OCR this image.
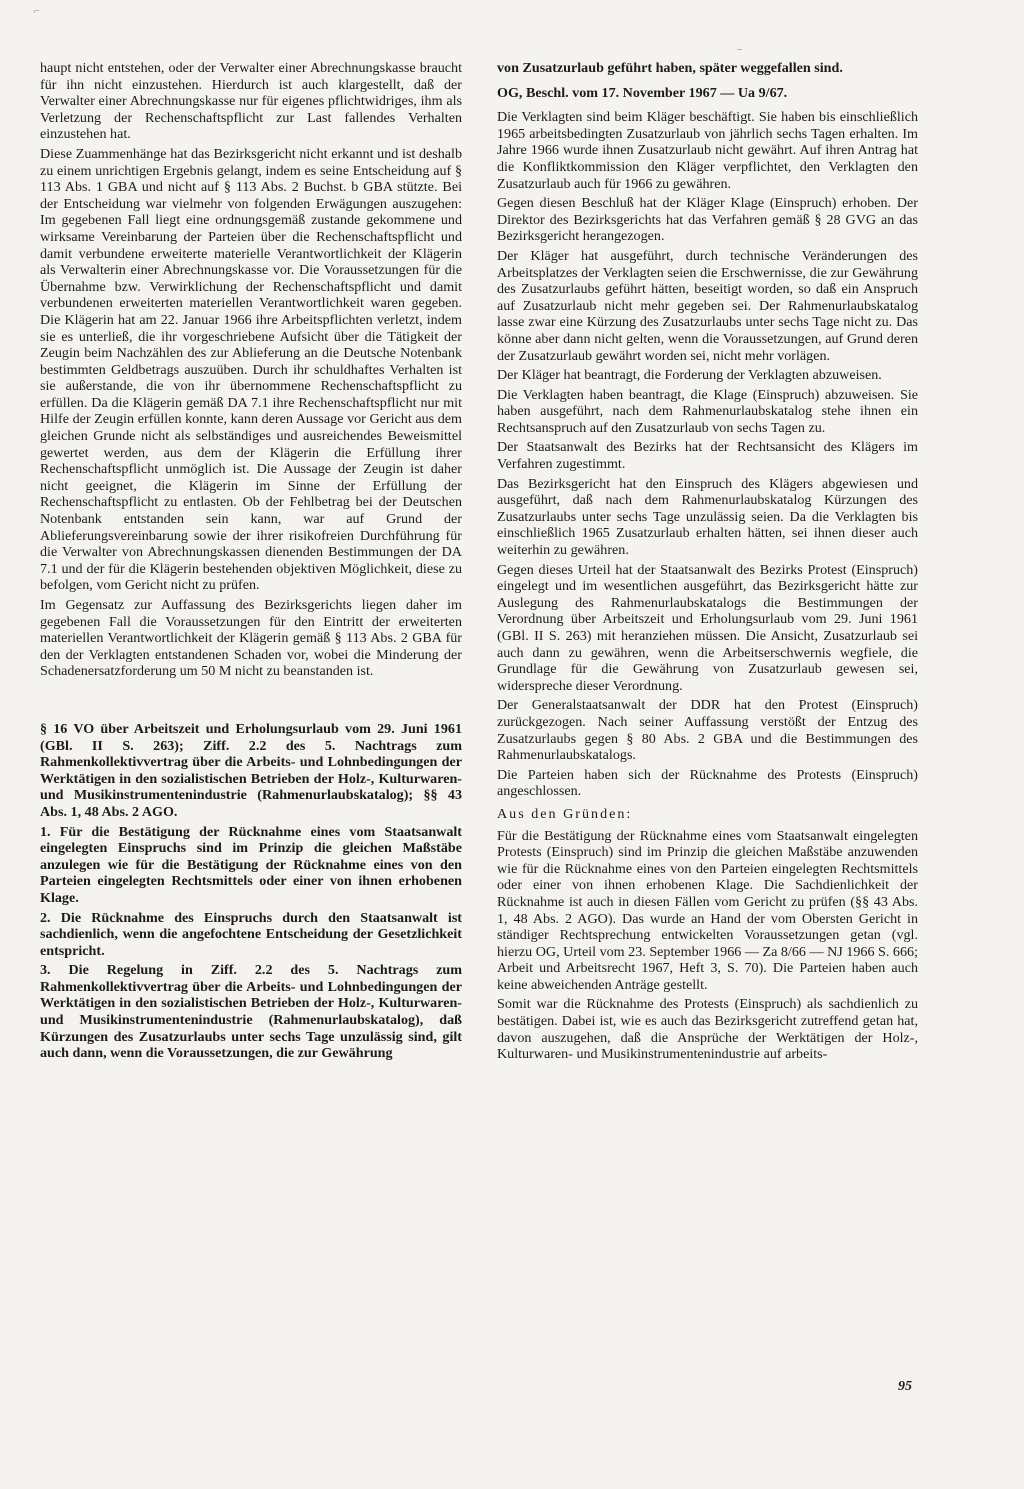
haupt nicht entstehen, oder der Verwalter einer Abrechnungskasse braucht für ihn nicht einzustehen. Hierdurch ist auch klargestellt, daß der Verwalter einer Abrechnungskasse nur für eigenes pflichtwidriges, ihm als Verletzung der Rechenschaftspflicht zur Last fallendes Verhalten einzustehen hat.

Diese Zuammenhänge hat das Bezirksgericht nicht erkannt und ist deshalb zu einem unrichtigen Ergebnis gelangt, indem es seine Entscheidung auf § 113 Abs. 1 GBA und nicht auf § 113 Abs. 2 Buchst. b GBA stützte. Bei der Entscheidung war vielmehr von folgenden Erwägungen auszugehen: Im gegebenen Fall liegt eine ordnungsgemäß zustande gekommene und wirksame Vereinbarung der Parteien über die Rechenschaftspflicht und damit verbundene erweiterte materielle Verantwortlichkeit der Klägerin als Verwalterin einer Abrechnungskasse vor. Die Voraussetzungen für die Übernahme bzw. Verwirklichung der Rechenschaftspflicht und damit verbundenen erweiterten materiellen Verantwortlichkeit waren gegeben. Die Klägerin hat am 22. Januar 1966 ihre Arbeitspflichten verletzt, indem sie es unterließ, die ihr vorgeschriebene Aufsicht über die Tätigkeit der Zeugin beim Nachzählen des zur Ablieferung an die Deutsche Notenbank bestimmten Geldbetrags auszuüben. Durch ihr schuldhaftes Verhalten ist sie außerstande, die von ihr übernommene Rechenschaftspflicht zu erfüllen. Da die Klägerin gemäß DA 7.1 ihre Rechenschaftspflicht nur mit Hilfe der Zeugin erfüllen konnte, kann deren Aussage vor Gericht aus dem gleichen Grunde nicht als selbständiges und ausreichendes Beweismittel gewertet werden, aus dem der Klägerin die Erfüllung ihrer Rechenschaftspflicht unmöglich ist. Die Aussage der Zeugin ist daher nicht geeignet, die Klägerin im Sinne der Erfüllung der Rechenschaftspflicht zu entlasten. Ob der Fehlbetrag bei der Deutschen Notenbank entstanden sein kann, war auf Grund der Ablieferungsvereinbarung sowie der ihrer risikofreien Durchführung für die Verwalter von Abrechnungskassen dienenden Bestimmungen der DA 7.1 und der für die Klägerin bestehenden objektiven Möglichkeit, diese zu befolgen, vom Gericht nicht zu prüfen.

Im Gegensatz zur Auffassung des Bezirksgerichts liegen daher im gegebenen Fall die Voraussetzungen für den Eintritt der erweiterten materiellen Verantwortlichkeit der Klägerin gemäß § 113 Abs. 2 GBA für den der Verklagten entstandenen Schaden vor, wobei die Minderung der Schadenersatzforderung um 50 M nicht zu beanstanden ist.

§ 16 VO über Arbeitszeit und Erholungsurlaub vom 29. Juni 1961 (GBl. II S. 263); Ziff. 2.2 des 5. Nachtrags zum Rahmenkollektivvertrag über die Arbeits- und Lohnbedingungen der Werktätigen in den sozialistischen Betrieben der Holz-, Kulturwaren- und Musikinstrumentenindustrie (Rahmenurlaubskatalog); §§ 43 Abs. 1, 48 Abs. 2 AGO.

1. Für die Bestätigung der Rücknahme eines vom Staatsanwalt eingelegten Einspruchs sind im Prinzip die gleichen Maßstäbe anzulegen wie für die Bestätigung der Rücknahme eines von den Parteien eingelegten Rechtsmittels oder einer von ihnen erhobenen Klage.

2. Die Rücknahme des Einspruchs durch den Staatsanwalt ist sachdienlich, wenn die angefochtene Entscheidung der Gesetzlichkeit entspricht.

3. Die Regelung in Ziff. 2.2 des 5. Nachtrags zum Rahmenkollektivvertrag über die Arbeits- und Lohnbedingungen der Werktätigen in den sozialistischen Betrieben der Holz-, Kulturwaren- und Musikinstrumentenindustrie (Rahmenurlaubskatalog), daß Kürzungen des Zusatzurlaubs unter sechs Tage unzulässig sind, gilt auch dann, wenn die Voraussetzungen, die zur Gewährung

von Zusatzurlaub geführt haben, später weggefallen sind.

OG, Beschl. vom 17. November 1967 — Ua 9/67.

Die Verklagten sind beim Kläger beschäftigt. Sie haben bis einschließlich 1965 arbeitsbedingten Zusatzurlaub von jährlich sechs Tagen erhalten. Im Jahre 1966 wurde ihnen Zusatzurlaub nicht gewährt. Auf ihren Antrag hat die Konfliktkommission den Kläger verpflichtet, den Verklagten den Zusatzurlaub auch für 1966 zu gewähren.

Gegen diesen Beschluß hat der Kläger Klage (Einspruch) erhoben. Der Direktor des Bezirksgerichts hat das Verfahren gemäß § 28 GVG an das Bezirksgericht herangezogen.

Der Kläger hat ausgeführt, durch technische Veränderungen des Arbeitsplatzes der Verklagten seien die Erschwernisse, die zur Gewährung des Zusatzurlaubs geführt hätten, beseitigt worden, so daß ein Anspruch auf Zusatzurlaub nicht mehr gegeben sei. Der Rahmenurlaubskatalog lasse zwar eine Kürzung des Zusatzurlaubs unter sechs Tage nicht zu. Das könne aber dann nicht gelten, wenn die Voraussetzungen, auf Grund deren der Zusatzurlaub gewährt worden sei, nicht mehr vorlägen.

Der Kläger hat beantragt, die Forderung der Verklagten abzuweisen.

Die Verklagten haben beantragt, die Klage (Einspruch) abzuweisen. Sie haben ausgeführt, nach dem Rahmenurlaubskatalog stehe ihnen ein Rechtsanspruch auf den Zusatzurlaub von sechs Tagen zu.

Der Staatsanwalt des Bezirks hat der Rechtsansicht des Klägers im Verfahren zugestimmt.

Das Bezirksgericht hat den Einspruch des Klägers abgewiesen und ausgeführt, daß nach dem Rahmenurlaubskatalog Kürzungen des Zusatzurlaubs unter sechs Tage unzulässig seien. Da die Verklagten bis einschließlich 1965 Zusatzurlaub erhalten hätten, sei ihnen dieser auch weiterhin zu gewähren.

Gegen dieses Urteil hat der Staatsanwalt des Bezirks Protest (Einspruch) eingelegt und im wesentlichen ausgeführt, das Bezirksgericht hätte zur Auslegung des Rahmenurlaubskatalogs die Bestimmungen der Verordnung über Arbeitszeit und Erholungsurlaub vom 29. Juni 1961 (GBl. II S. 263) mit heranziehen müssen. Die Ansicht, Zusatzurlaub sei auch dann zu gewähren, wenn die Arbeitserschwernis wegfiele, die Grundlage für die Gewährung von Zusatzurlaub gewesen sei, widerspreche dieser Verordnung.

Der Generalstaatsanwalt der DDR hat den Protest (Einspruch) zurückgezogen. Nach seiner Auffassung verstößt der Entzug des Zusatzurlaubs gegen § 80 Abs. 2 GBA und die Bestimmungen des Rahmenurlaubskatalogs.

Die Parteien haben sich der Rücknahme des Protests (Einspruch) angeschlossen.

Aus den Gründen:

Für die Bestätigung der Rücknahme eines vom Staatsanwalt eingelegten Protests (Einspruch) sind im Prinzip die gleichen Maßstäbe anzuwenden wie für die Rücknahme eines von den Parteien eingelegten Rechtsmittels oder einer von ihnen erhobenen Klage. Die Sachdienlichkeit der Rücknahme ist auch in diesen Fällen vom Gericht zu prüfen (§§ 43 Abs. 1, 48 Abs. 2 AGO). Das wurde an Hand der vom Obersten Gericht in ständiger Rechtsprechung entwickelten Voraussetzungen getan (vgl. hierzu OG, Urteil vom 23. September 1966 — Za 8/66 — NJ 1966 S. 666; Arbeit und Arbeitsrecht 1967, Heft 3, S. 70). Die Parteien haben auch keine abweichenden Anträge gestellt.

Somit war die Rücknahme des Protests (Einspruch) als sachdienlich zu bestätigen. Dabei ist, wie es auch das Bezirksgericht zutreffend getan hat, davon auszugehen, daß die Ansprüche der Werktätigen der Holz-, Kulturwaren- und Musikinstrumentenindustrie auf arbeits-

95
⌐
–
